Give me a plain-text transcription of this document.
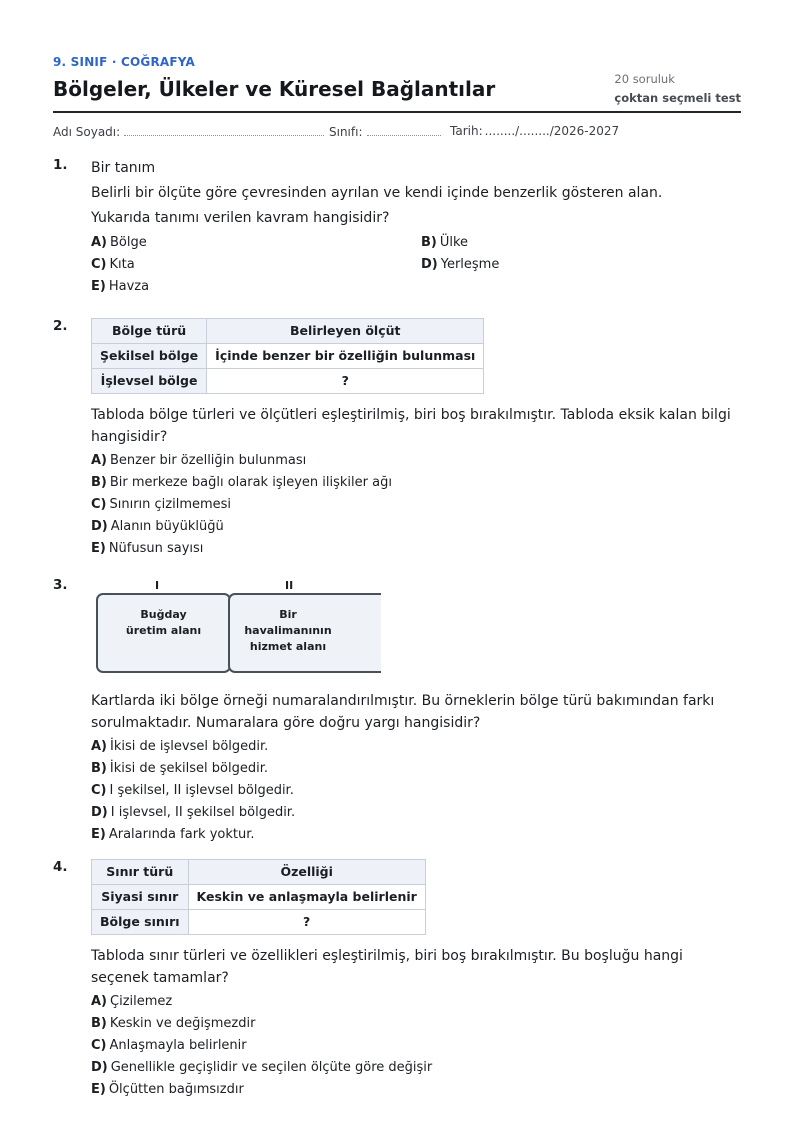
9. SINIF · COĞRAFYA
Bölgeler, Ülkeler ve Küresel Bağlantılar	20 soruluk
çoktan seçmeli test
Adı Soyadı:	Sınıfı:	Tarih: ......../......../2026-2027
1.	Bir tanım

Belirli bir ölçüte göre çevresinden ayrılan ve kendi içinde benzerlik gösteren alan.

Yukarıda tanımı verilen kavram hangisidir?

A) Bölge	B) Ülke
C) Kıta	D) Yerleşme
E) Havza
2.	Bölge türü	Belirleyen ölçüt
Şekilsel bölge	İçinde benzer bir özelliğin bulunması
İşlevsel bölge	?

Tabloda bölge türleri ve ölçütleri eşleştirilmiş, biri boş bırakılmıştır. Tabloda eksik kalan bilgi hangisidir?

A) Benzer bir özelliğin bulunması
B) Bir merkeze bağlı olarak işleyen ilişkiler ağı
C) Sınırın çizilmemesi
D) Alanın büyüklüğü
E) Nüfusun sayısı
3.	I	II
Buğday üretim alanı
Bir havalimanının hizmet alanı

Kartlarda iki bölge örneği numaralandırılmıştır. Bu örneklerin bölge türü bakımından farkı sorulmaktadır. Numaralara göre doğru yargı hangisidir?

A) İkisi de işlevsel bölgedir.
B) İkisi de şekilsel bölgedir.
C) I şekilsel, II işlevsel bölgedir.
D) I işlevsel, II şekilsel bölgedir.
E) Aralarında fark yoktur.
4.	Sınır türü	Özelliği
Siyasi sınır	Keskin ve anlaşmayla belirlenir
Bölge sınırı	?

Tabloda sınır türleri ve özellikleri eşleştirilmiş, biri boş bırakılmıştır. Bu boşluğu hangi seçenek tamamlar?

A) Çizilemez
B) Keskin ve değişmezdir
C) Anlaşmayla belirlenir
D) Genellikle geçişlidir ve seçilen ölçüte göre değişir
E) Ölçütten bağımsızdır
